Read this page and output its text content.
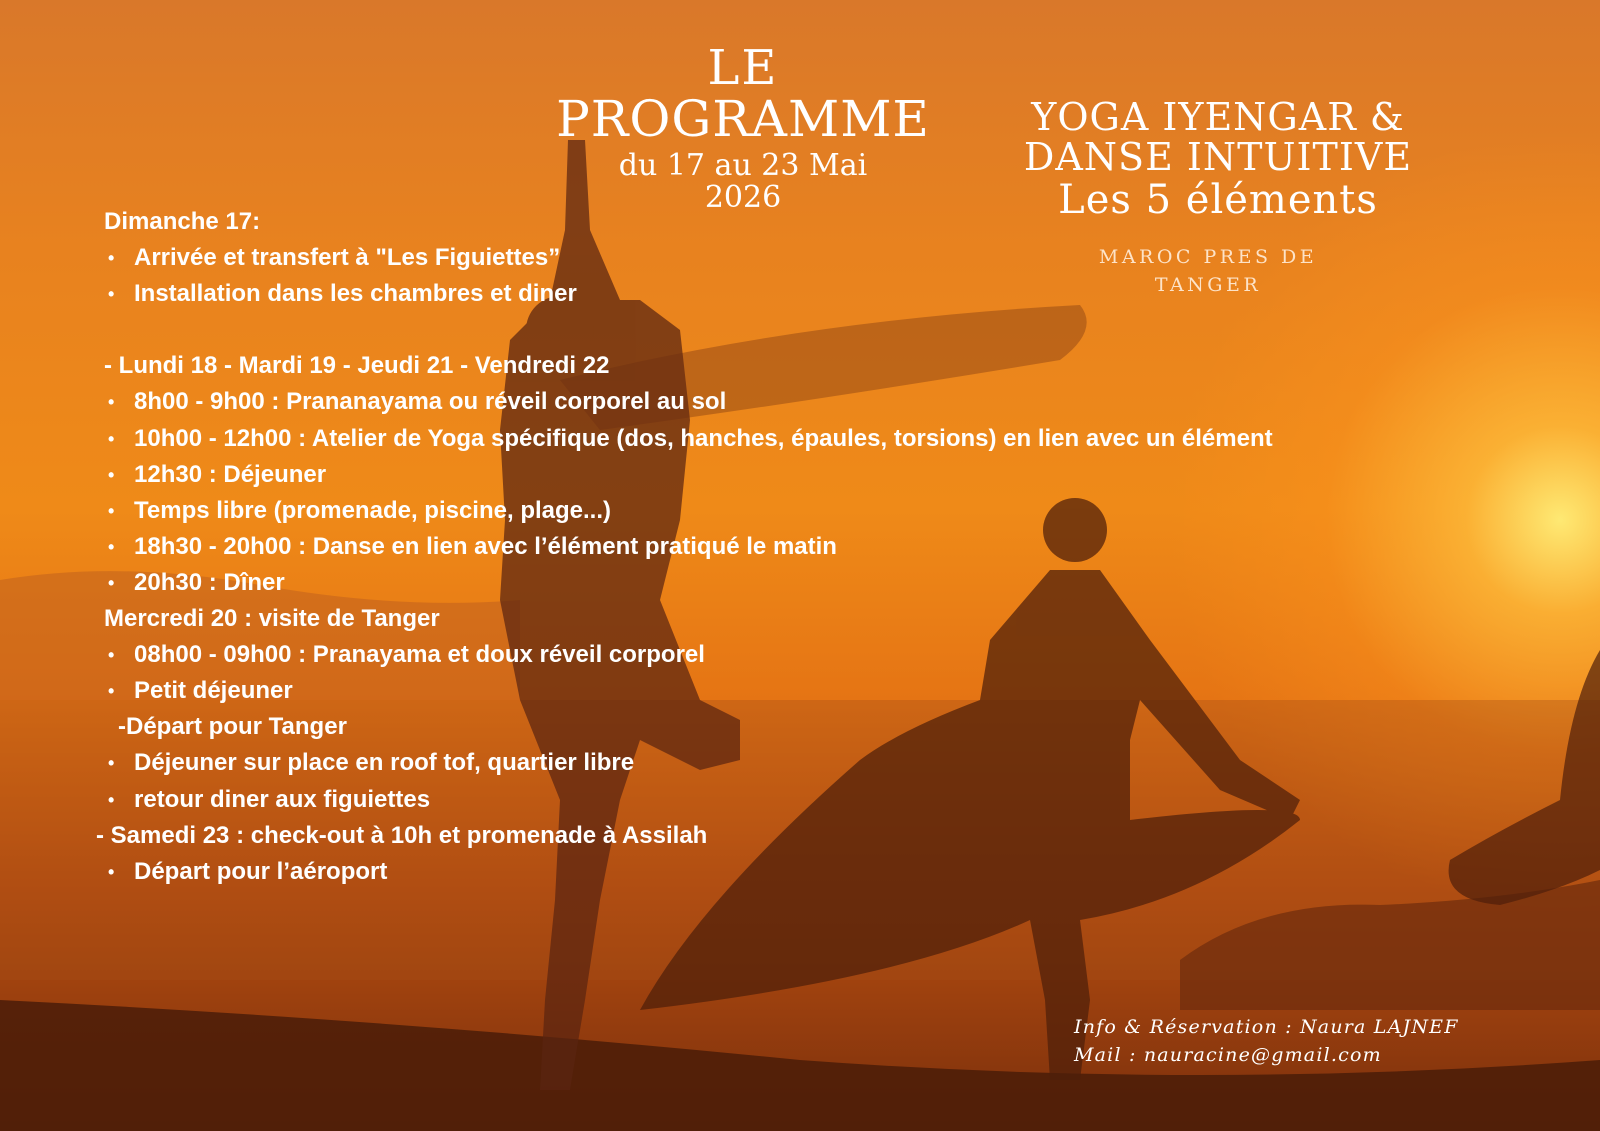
LE
PROGRAMME
du 17 au 23 Mai
2026
YOGA IYENGAR &
DANSE INTUITIVE
Les 5 éléments
MAROC PRES DE
TANGER
Dimanche 17:
• Arrivée et transfert à "Les Figuiettes”
• Installation dans les chambres et diner
- Lundi 18 - Mardi 19 - Jeudi 21 - Vendredi 22
• 8h00 - 9h00 : Prananayama ou réveil corporel au sol
• 10h00 - 12h00 : Atelier de Yoga spécifique (dos, hanches, épaules, torsions) en lien avec un élément
• 12h30 : Déjeuner
• Temps libre (promenade, piscine, plage...)
• 18h30 - 20h00 : Danse en lien avec l’élément pratiqué le matin
• 20h30 : Dîner
Mercredi 20 : visite de Tanger
• 08h00 - 09h00 : Pranayama et doux réveil corporel
• Petit déjeuner
-Départ pour Tanger
• Déjeuner sur place en roof tof, quartier libre
• retour diner aux figuiettes
- Samedi 23 : check-out à 10h et promenade à Assilah
• Départ pour l’aéroport
Info & Réservation : Naura LAJNEF
Mail : nauracine@gmail.com
